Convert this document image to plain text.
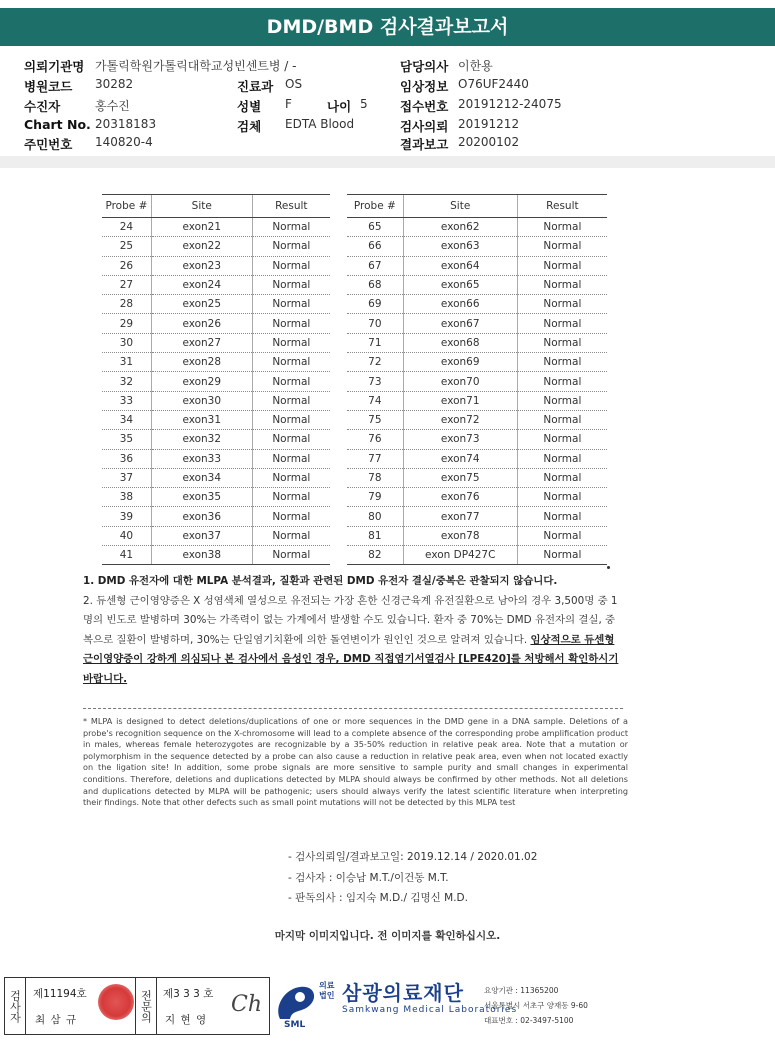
DMD/BMD 검사결과보고서
의뢰기관명 가톨릭학원가톨릭대학교성빈센트병 / -	담당의사 이한용
병원코드 30282	진료과 OS	임상정보 O76UF2440
수진자	홍수진	성별 F	나이 5	접수번호 20191212-24075
Chart No. 20318183	검체 EDTA Blood	검사의뢰 20191212
주민번호 140820-4	결과보고 20200102
Probe #	Site	Result
24	exon21	Normal
25	exon22	Normal
26	exon23	Normal
27	exon24	Normal
28	exon25	Normal
29	exon26	Normal
30	exon27	Normal
31	exon28	Normal
32	exon29	Normal
33	exon30	Normal
34	exon31	Normal
35	exon32	Normal
36	exon33	Normal
37	exon34	Normal
38	exon35	Normal
39	exon36	Normal
40	exon37	Normal
41	exon38	Normal
Probe #	Site	Result
65	exon62	Normal
66	exon63	Normal
67	exon64	Normal
68	exon65	Normal
69	exon66	Normal
70	exon67	Normal
71	exon68	Normal
72	exon69	Normal
73	exon70	Normal
74	exon71	Normal
75	exon72	Normal
76	exon73	Normal
77	exon74	Normal
78	exon75	Normal
79	exon76	Normal
80	exon77	Normal
81	exon78	Normal
82	exon DP427C	Normal

1. DMD 유전자에 대한 MLPA 분석결과, 질환과 관련된 DMD 유전자 결실/중복은 관찰되지 않습니다.

2. 듀센형 근이영양증은 X 성염색체 열성으로 유전되는 가장 흔한 신경근육계 유전질환으로 남아의 경우 3,500명 중 1명의 빈도로 발병하며 30%는 가족력이 없는 가계에서 발생할 수도 있습니다. 환자 중 70%는 DMD 유전자의 결실, 중복으로 질환이 발병하며, 30%는 단일염기치환에 의한 돌연변이가 원인인 것으로 알려져 있습니다. 임상적으로 듀센형 근이영양증이 강하게 의심되나 본 검사에서 음성인 경우, DMD 직접염기서열검사 [LPE420]를 처방해서 확인하시기 바랍니다.

* MLPA is designed to detect deletions/duplications of one or more sequences in the DMD gene in a DNA sample. Deletions of a probe's recognition sequence on the X-chromosome will lead to a complete absence of the corresponding probe amplification product in males, whereas female heterozygotes are recognizable by a 35-50% reduction in relative peak area. Note that a mutation or polymorphism in the sequence detected by a probe can also cause a reduction in relative peak area, even when not located exactly on the ligation site! In addition, some probe signals are more sensitive to sample purity and small changes in experimental conditions. Therefore, deletions and duplications detected by MLPA should always be confirmed by other methods. Not all deletions and duplications detected by MLPA will be pathogenic; users should always verify the latest scientific literature when interpreting their findings. Note that other defects such as small point mutations will not be detected by this MLPA test
- 검사의뢰일/결과보고일: 2019.12.14 / 2020.01.02
- 검사자 : 이승남 M.T./이건동 M.T.
- 판독의사 : 임지숙 M.D./ 김명신 M.D.
마지막 이미지입니다. 전 이미지를 확인하십시오.
검사자 제11194호
최 삼 규	전문의 제3 3 3 호
지 현 영
Ch
SML
의료
법인 삼광의료재단
Samkwang Medical Laboratories
요양기관 : 11365200
서울특별시 서초구 양재동 9-60
대표번호 : 02-3497-5100
